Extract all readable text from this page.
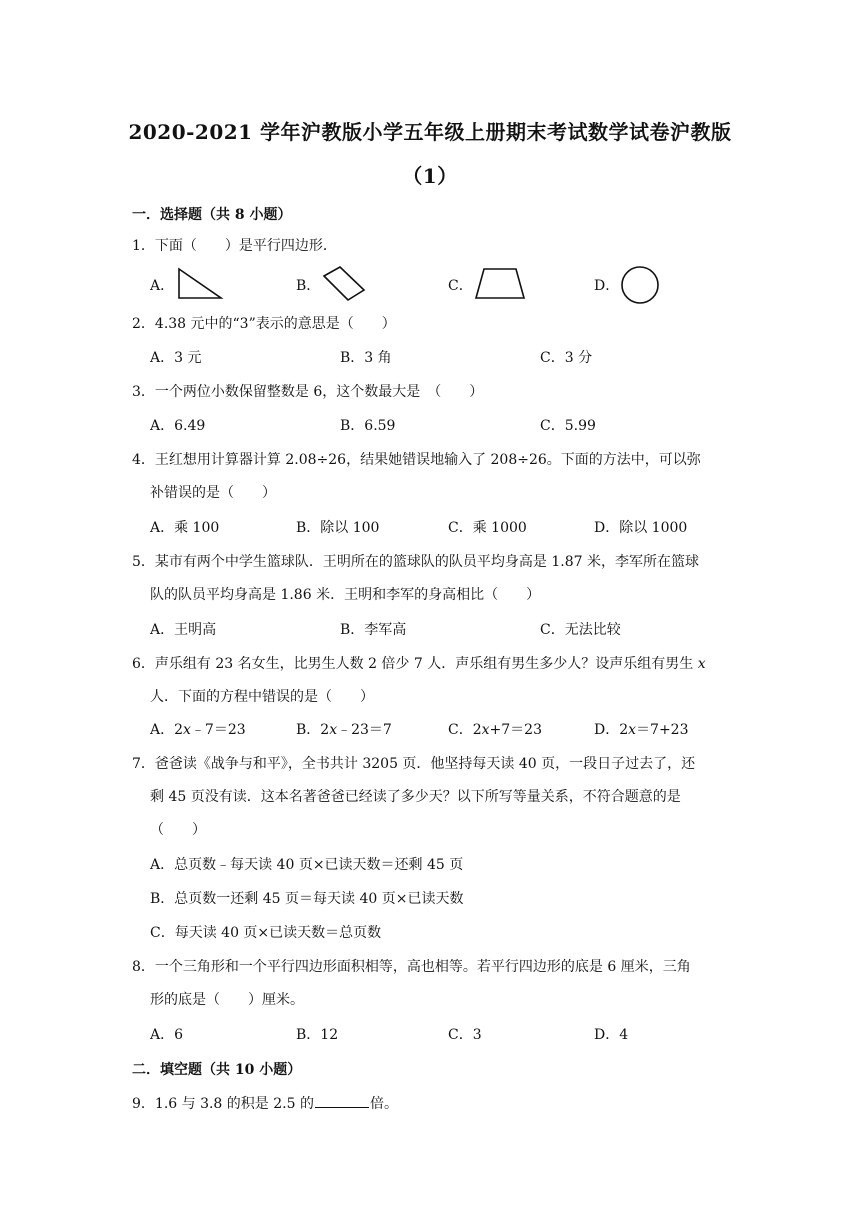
2020-2021 学年沪教版小学五年级上册期末考试数学试卷沪教版
（1）
一．选择题（共 8 小题）
1．下面（　　）是平行四边形．
A．	B．	C．	D．
2．4.38 元中的“3”表示的意思是（　　）
A．3 元	B．3 角	C．3 分
3．一个两位小数保留整数是 6，这个数最大是　（　　）
A．6.49	B．6.59	C．5.99
4．王红想用计算器计算 2.08÷26，结果她错误地输入了 208÷26。下面的方法中，可以弥
补错误的是（　　）
A．乘 100	B．除以 100	C．乘 1000	D．除以 1000
5．某市有两个中学生篮球队．王明所在的篮球队的队员平均身高是 1.87 米，李军所在篮球
队的队员平均身高是 1.86 米．王明和李军的身高相比（　　）
A．王明高	B．李军高	C．无法比较
6．声乐组有 23 名女生，比男生人数 2 倍少 7 人．声乐组有男生多少人？设声乐组有男生 x
人．下面的方程中错误的是（　　）
A．2x﹣7＝23	B．2x﹣23＝7	C．2x+7＝23	D．2x＝7+23
7．爸爸读《战争与和平》，全书共计 3205 页．他坚持每天读 40 页，一段日子过去了，还
剩 45 页没有读．这本名著爸爸已经读了多少天？以下所写等量关系，不符合题意的是
（　　）
A．总页数﹣每天读 40 页×已读天数＝还剩 45 页
B．总页数一还剩 45 页＝每天读 40 页×已读天数
C．每天读 40 页×已读天数＝总页数
8．一个三角形和一个平行四边形面积相等，高也相等。若平行四边形的底是 6 厘米，三角
形的底是（　　）厘米。
A．6	B．12	C．3	D．4
二．填空题（共 10 小题）
9．1.6 与 3.8 的积是 2.5 的	倍。
